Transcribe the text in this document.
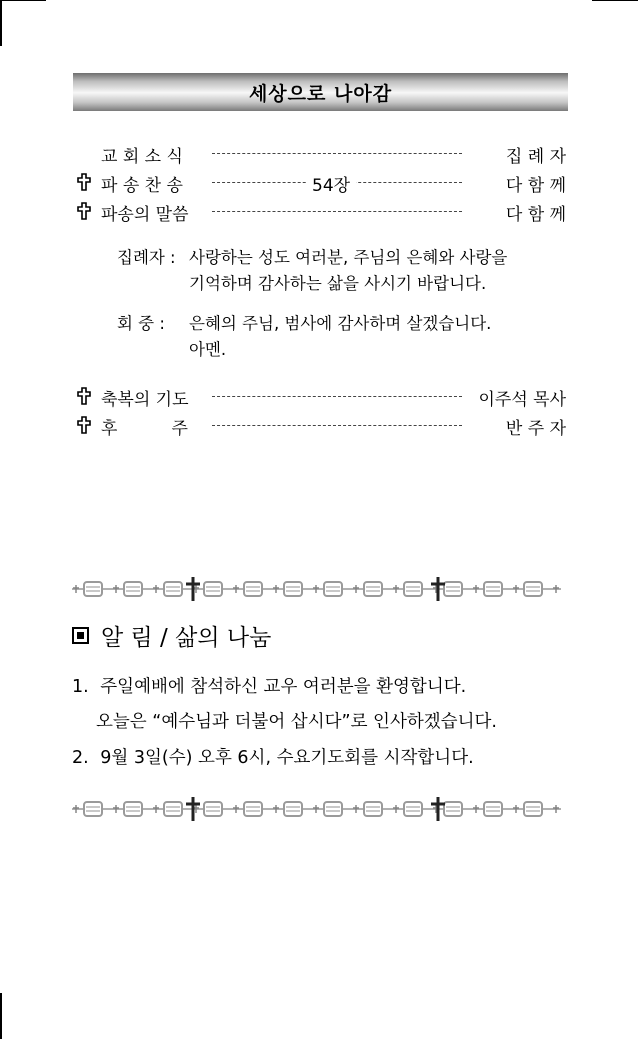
세상으로 나아감
교 회 소 식	집 례 자
파 송 찬 송	54장	다 함 께
파송의 말씀	다 함 께
집례자 : 사랑하는 성도 여러분, 주님의 은혜와 사랑을
기억하며 감사하는 삶을 사시기 바랍니다.
회 중 : 은혜의 주님, 범사에 감사하며 살겠습니다.
아멘.
축복의 기도	이주석 목사
후          주	반 주 자
알 림 / 삶의 나눔
1. 주일예배에 참석하신 교우 여러분을 환영합니다.
오늘은 “예수님과 더불어 삽시다”로 인사하겠습니다.
2. 9월 3일(수) 오후 6시, 수요기도회를 시작합니다.
